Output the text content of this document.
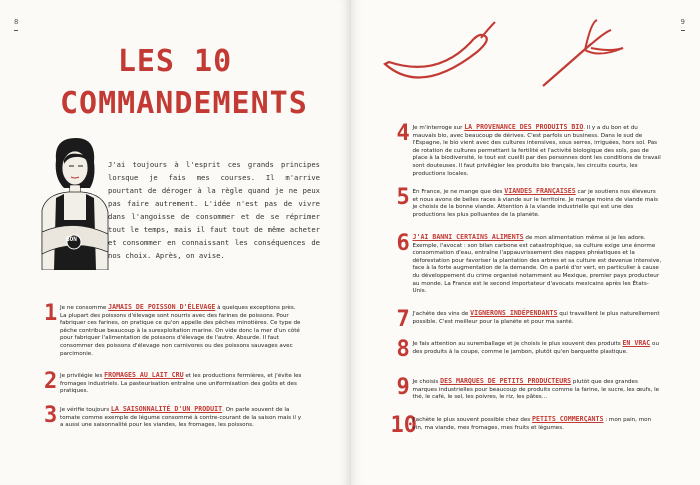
8
LES 10
COMMANDEMENTS
BON
J'ai toujours à l'esprit ces grands principes lorsque je fais mes courses. Il m'arrive pourtant de déroger à la règle quand je ne peux pas faire autrement. L'idée n'est pas de vivre dans l'angoisse de consommer et de se réprimer tout le temps, mais il faut tout de même acheter et consommer en connaissant les conséquences de nos choix. Après, on avise.
1 Je ne consomme JAMAIS DE POISSON D'ÉLEVAGE à quelques exceptions près. La plupart des poissons d'élevage sont nourris avec des farines de poissons. Pour fabriquer ces farines, on pratique ce qu'on appelle des pêches minotières. Ce type de pêche contribue beaucoup à la surexploitation marine. On vide donc la mer d'un côté pour fabriquer l'alimentation de poissons d'élevage de l'autre. Absurde. Il faut consommer des poissons d'élevage non carnivores ou des poissons sauvages avec parcimonie.
2 Je privilégie les FROMAGES AU LAIT CRU et les productions fermières, et j'évite les fromages industriels. La pasteurisation entraîne une uniformisation des goûts et des pratiques.
3 Je vérifie toujours LA SAISONNALITÉ D'UN PRODUIT. On parle souvent de la tomate comme exemple de légume consommé à contre-courant de la saison mais il y a aussi une saisonnalité pour les viandes, les fromages, les poissons.
9
4 Je m'interroge sur LA PROVENANCE DES PRODUITS BIO. Il y a du bon et du mauvais bio, avec beaucoup de dérives. C'est parfois un business. Dans le sud de l'Espagne, le bio vient avec des cultures intensives, sous serres, irriguées, hors sol. Pas de rotation de cultures permettant la fertilité et l'activité biologique des sols, pas de place à la biodiversité, le tout est cueilli par des personnes dont les conditions de travail sont douteuses. Il faut privilégier les produits bio français, les circuits courts, les productions locales.
5 En France, je ne mange que des VIANDES FRANÇAISES car je soutiens nos éleveurs et nous avons de belles races à viande sur le territoire. Je mange moins de viande mais je choisis de la bonne viande. Attention à la viande industrielle qui est une des productions les plus polluantes de la planète.
6 J'AI BANNI CERTAINS ALIMENTS de mon alimentation même si je les adore. Exemple, l'avocat : son bilan carbone est catastrophique, sa culture exige une énorme consommation d'eau, entraîne l'appauvrissement des nappes phréatiques et la déforestation pour favoriser la plantation des arbres et sa culture est devenue intensive, face à la forte augmentation de la demande. On a parlé d'or vert, en particulier à cause du développement du crime organisé notamment au Mexique, premier pays producteur au monde. La France est le second importateur d'avocats mexicains après les États-Unis.
7 J'achète des vins de VIGNERONS INDÉPENDANTS qui travaillent le plus naturellement possible. C'est meilleur pour la planète et pour ma santé.
8 Je fais attention au suremballage et je choisis le plus souvent des produits EN VRAC ou des produits à la coupe, comme le jambon, plutôt qu'en barquette plastique.
9 Je choisis DES MARQUES DE PETITS PRODUCTEURS plutôt que des grandes marques industrielles pour beaucoup de produits comme la farine, le sucre, les œufs, le thé, le café, le sel, les poivres, le riz, les pâtes…
10
J'achète le plus souvent possible chez des PETITS COMMERÇANTS : mon pain, mon vin, ma viande, mes fromages, mes fruits et légumes.
